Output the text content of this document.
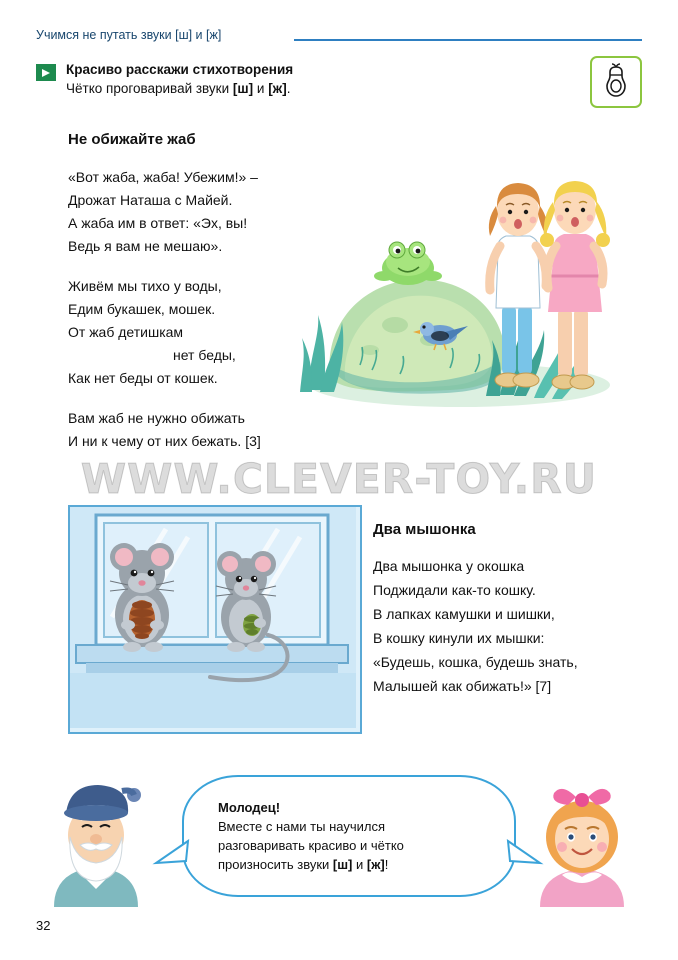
Учимся не путать звуки [ш] и [ж]
Красиво расскажи стихотворения
Чётко проговаривай звуки [ш] и [ж].
Не обижайте жаб
«Вот жаба, жаба! Убежим!» –
Дрожат Наташа с Майей.
А жаба им в ответ: «Эх, вы!
Ведь я вам не мешаю».
Живём мы тихо у воды,
Едим букашек, мошек.
От жаб детишкам
нет беды,
Как нет беды от кошек.
Вам жаб не нужно обижать
И ни к чему от них бежать. [3]
WWW.CLEVER-TOY.RU

Два мышонка
Два мышонка у окошка
Поджидали как-то кошку.
В лапках камушки и шишки,
В кошку кинули их мышки:
«Будешь, кошка, будешь знать,
Малышей как обижать!» [7]
Молодец!
Вместе с нами ты научился
разговаривать красиво и чётко
произносить звуки [ш] и [ж]!
32
